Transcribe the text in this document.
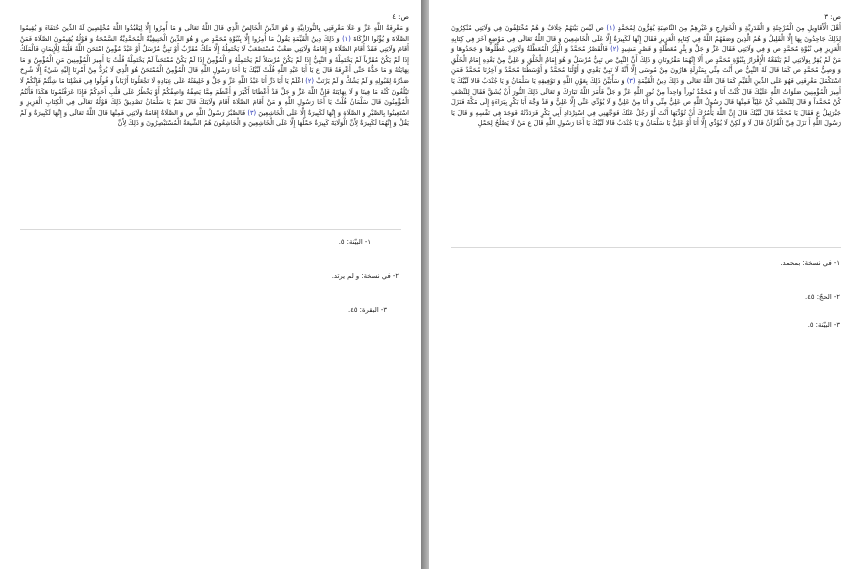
ص: ٤
وَ مَعْرِفَةُ اللَّهِ عَزَّ وَ عَلَا مَعْرِفَتِي بِالنُّورَانِيَّةِ وَ هُوَ الدِّينُ الْخَالِصُ الَّذِي قَالَ اللَّهُ تَعَالَى وَ مَا أُمِرُوا إِلَّا لِيَعْبُدُوا اللَّهَ مُخْلِصِينَ لَهُ الدِّينَ حُنَفَاءَ وَ يُقِيمُوا الصَّلَاةَ وَ يُؤْتُوا الزَّكَاةَ (١) وَ ذَلِكَ دِينُ الْقَيِّمَةِ يَقُولُ مَا أُمِرُوا إِلَّا بِنُبُوَّةِ مُحَمَّدٍ ص وَ هُوَ الدِّينُ الْحَنِيفِيَّةُ الْمُحَمَّدِيَّةُ السَّمْحَةُ وَ قَوْلُهُ يُقِيمُونَ الصَّلَاةَ فَمَنْ أَقَامَ وَلَايَتِي فَقَدْ أَقَامَ الصَّلَاةَ وَ إِقَامَةُ وَلَايَتِي صَعْبٌ مُسْتَصْعَبٌ لَا يَحْتَمِلُهُ إِلَّا مَلَكٌ مُقَرَّبٌ أَوْ نَبِيٌّ مُرْسَلٌ أَوْ عَبْدٌ مُؤْمِنٌ امْتَحَنَ اللَّهُ قَلْبَهُ لِلْإِيمَانِ فَالْمَلَكُ إِذَا لَمْ يَكُنْ مُقَرَّباً لَمْ يَحْتَمِلْهُ وَ النَّبِيُّ إِذَا لَمْ يَكُنْ مُرْسَلاً لَمْ يَحْتَمِلْهُ وَ الْمُؤْمِنُ إِذَا لَمْ يَكُنْ مُمْتَحَناً لَمْ يَحْتَمِلْهُ قُلْتُ يَا أَمِيرَ الْمُؤْمِنِينَ مَنِ الْمُؤْمِنُ وَ مَا نِهَايَتُهُ وَ مَا حَدُّهُ حَتَّى أَعْرِفَهُ قَالَ ع يَا أَبَا عَبْدِ اللَّهِ قُلْتُ لَبَّيْكَ يَا أَخَا رَسُولِ اللَّهِ قَالَ الْمُؤْمِنُ الْمُمْتَحَنُ هُوَ الَّذِي لَا يُرَدُّ مِنْ أَمْرِنَا إِلَيْهِ شَيْءٌ إِلَّا شُرِحَ صَدْرُهُ لِقَبُولِهِ وَ لَمْ يَشُكَّ وَ لَمْ يَرْتَبْ (٢) اعْلَمْ يَا أَبَا ذَرٍّ أَنَا عَبْدُ اللَّهِ عَزَّ وَ جَلَّ وَ خَلِيفَتُهُ عَلَى عِبَادِهِ لَا تَجْعَلُونَا أَرْبَاباً وَ قُولُوا فِي فَضْلِنَا مَا شِئْتُمْ فَإِنَّكُمْ لَا تَبْلُغُونَ كُنْهَ مَا فِينَا وَ لَا نِهَايَتَهُ فَإِنَّ اللَّهَ عَزَّ وَ جَلَّ قَدْ أَعْطَانَا أَكْبَرَ وَ أَعْظَمَ مِمَّا يَصِفُهُ وَاصِفُكُمْ أَوْ يَخْطُرُ عَلَى قَلْبِ أَحَدِكُمْ فَإِذَا عَرَفْتُمُونَا هَكَذَا فَأَنْتُمُ الْمُؤْمِنُونَ قَالَ سَلْمَانُ قُلْتُ يَا أَخَا رَسُولِ اللَّهِ وَ مَنْ أَقَامَ الصَّلَاةَ أَقَامَ وَلَايَتَكَ قَالَ نَعَمْ يَا سَلْمَانُ تَصْدِيقُ ذَلِكَ قَوْلُهُ تَعَالَى فِي الْكِتَابِ الْعَزِيزِ وَ اسْتَعِينُوا بِالصَّبْرِ وَ الصَّلَاةِ وَ إِنَّهَا لَكَبِيرَةٌ إِلَّا عَلَى الْخَاشِعِينَ (٣) فَالصَّبْرُ رَسُولُ اللَّهِ ص وَ الصَّلَاةُ إِقَامَةُ وَلَايَتِي فَمِنْهَا قَالَ اللَّهُ تَعَالَى وَ إِنَّهَا لَكَبِيرَةٌ وَ لَمْ يَقُلْ وَ إِنَّهُمَا لَكَبِيرَةٌ لِأَنَّ الْوَلَايَةَ كَبِيرَةٌ حَمْلُهَا إِلَّا عَلَى الْخَاشِعِينَ وَ الْخَاشِعُونَ هُمُ الشِّيعَةُ الْمُسْتَبْصِرُونَ وَ ذَلِكَ لِأَنَّ
١- البيّنة: ٥.
٢- في نسخة: و لم يرتد.
٣- البقرة: ٤٥.
ص: ٣
أَهْلَ الْأَقَاوِيلِ مِنَ الْمُرْجِئَةِ وَ الْقَدَرِيَّةِ وَ الْخَوَارِجِ وَ غَيْرِهِمْ مِنَ النَّاصِبَةِ يُقِرُّونَ لِمُحَمَّدٍ (١) ص لَيْسَ بَيْنَهُمْ خِلَافٌ وَ هُمْ مُخْتَلِفُونَ فِي وَلَايَتِي مُنْكِرُونَ لِذَلِكَ جَاحِدُونَ بِهَا إِلَّا الْقَلِيلُ وَ هُمُ الَّذِينَ وَصَفَهُمُ اللَّهُ فِي كِتَابِهِ الْعَزِيزِ فَقَالَ إِنَّهَا لَكَبِيرَةٌ إِلَّا عَلَى الْخَاشِعِينَ وَ قَالَ اللَّهُ تَعَالَى فِي مَوْضِعٍ آخَرَ فِي كِتَابِهِ الْعَزِيزِ فِي نُبُوَّةِ مُحَمَّدٍ ص وَ فِي وَلَايَتِي فَقَالَ عَزَّ وَ جَلَّ وَ بِئْرٍ مُعَطَّلَةٍ وَ قَصْرٍ مَشِيدٍ (٢) فَالْقَصْرُ مُحَمَّدٌ وَ الْبِئْرُ الْمُعَطَّلَةُ وَلَايَتِي عَطَّلُوهَا وَ جَحَدُوهَا وَ مَنْ لَمْ يُقِرَّ بِوَلَايَتِي لَمْ يَنْفَعْهُ الْإِقْرَارُ بِنُبُوَّةِ مُحَمَّدٍ ص أَلَا إِنَّهُمَا مَقْرُونَانِ وَ ذَلِكَ أَنَّ النَّبِيَّ ص نَبِيٌّ مُرْسَلٌ وَ هُوَ إِمَامُ الْخَلْقِ وَ عَلِيٌّ مِنْ بَعْدِهِ إِمَامُ الْخَلْقِ وَ وَصِيُّ مُحَمَّدٍ ص كَمَا قَالَ لَهُ النَّبِيُّ ص أَنْتَ مِنِّي بِمَنْزِلَةِ هَارُونَ مِنْ مُوسَى إِلَّا أَنَّهُ لَا نَبِيَّ بَعْدِي وَ أَوَّلُنَا مُحَمَّدٌ وَ أَوْسَطُنَا مُحَمَّدٌ وَ آخِرُنَا مُحَمَّدٌ فَمَنِ اسْتَكْمَلَ مَعْرِفَتِي فَهُوَ عَلَى الدِّينِ الْقَيِّمِ كَمَا قَالَ اللَّهُ تَعَالَى وَ ذَلِكَ دِينُ الْقَيِّمَةِ (٣) وَ سَأُبَيِّنُ ذَلِكَ بِعَوْنِ اللَّهِ وَ تَوْفِيقِهِ يَا سَلْمَانُ وَ يَا جُنْدَبُ قَالا لَبَّيْكَ يَا أَمِيرَ الْمُؤْمِنِينَ صَلَوَاتُ اللَّهِ عَلَيْكَ قَالَ كُنْتُ أَنَا وَ مُحَمَّدٌ نُوراً وَاحِداً مِنْ نُورِ اللَّهِ عَزَّ وَ جَلَّ فَأَمَرَ اللَّهُ تَبَارَكَ وَ تَعَالَى ذَلِكَ النُّورَ أَنْ يُشَقَّ فَقَالَ لِلنِّصْفِ كُنْ مُحَمَّداً وَ قَالَ لِلنِّصْفِ كُنْ عَلِيّاً فَمِنْهَا قَالَ رَسُولُ اللَّهِ ص عَلِيٌّ مِنِّي وَ أَنَا مِنْ عَلِيٍّ وَ لَا يُؤَدِّي عَنِّي إِلَّا عَلِيٌّ وَ قَدْ وَجَّهَ أَبَا بَكْرٍ بِبَرَاءَةٍ إِلَى مَكَّةَ فَنَزَلَ جَبْرَئِيلُ ع فَقَالَ يَا مُحَمَّدُ قَالَ لَبَّيْكَ قَالَ إِنَّ اللَّهَ يَأْمُرُكَ أَنْ تُؤَدِّيَهَا أَنْتَ أَوْ رَجُلٌ عَنْكَ فَوَجَّهَنِي فِي اسْتِرْدَادِ أَبِي بَكْرٍ فَرَدَدْتُهُ فَوَجَدَ فِي نَفْسِهِ وَ قَالَ يَا رَسُولَ اللَّهِ أَ نَزَلَ فِيَّ الْقُرْآنُ قَالَ لَا وَ لَكِنْ لَا يُؤَدِّي إِلَّا أَنَا أَوْ عَلِيٌّ يَا سَلْمَانُ وَ يَا جُنْدَبُ قَالا لَبَّيْكَ يَا أَخَا رَسُولِ اللَّهِ قَالَ ع مَنْ لَا يَصْلُحُ لِحَمْلِ
١- في نسخة: بمحمد.
٢- الحجّ: ٤٥.
٣- البيّنة: ٥.
